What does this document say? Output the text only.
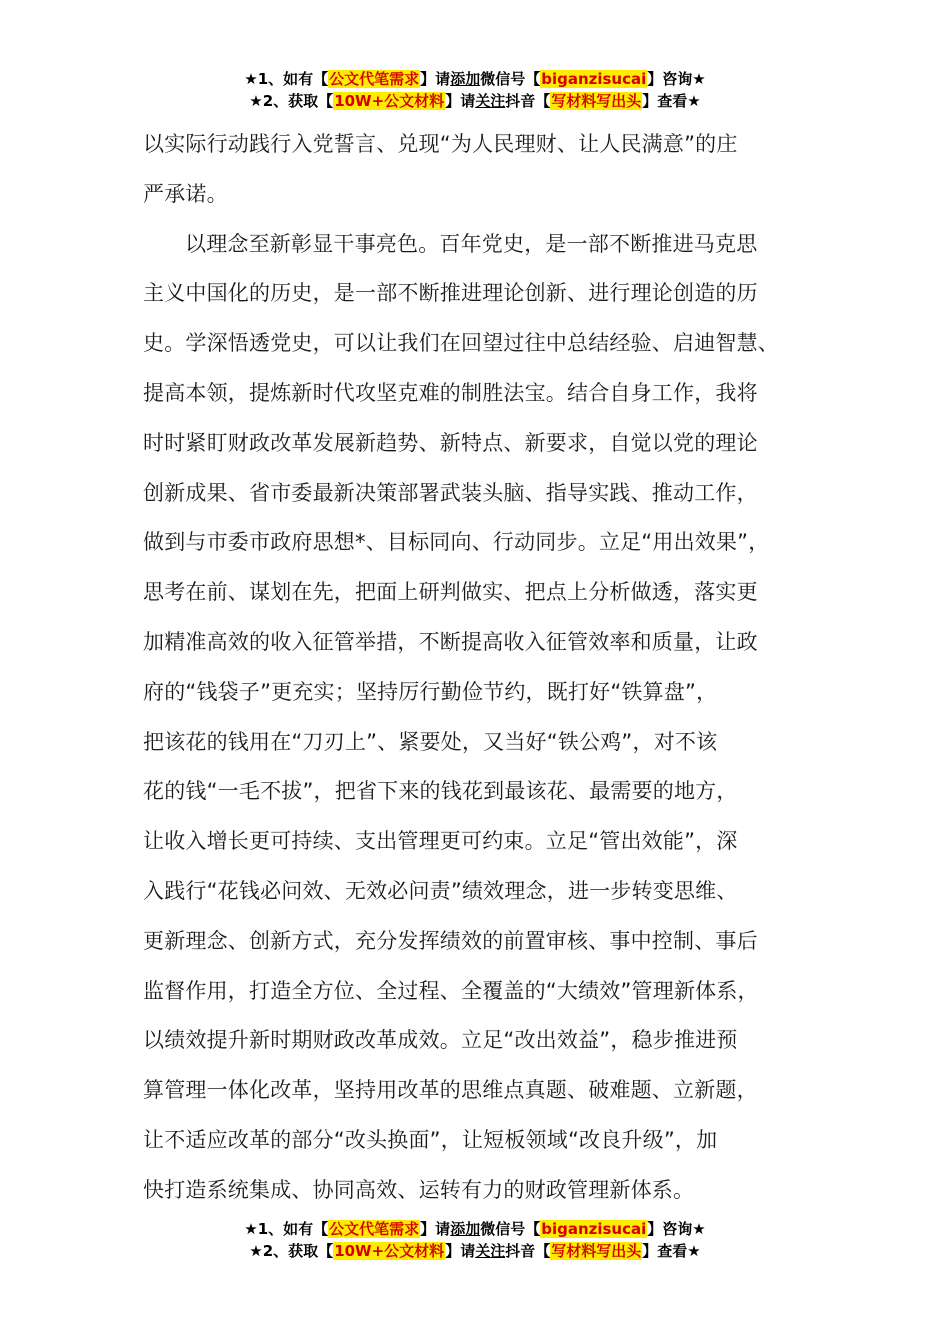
★1、如有【公文代笔需求】请添加微信号【biganzisucai】咨询★
★2、获取【10W+公文材料】请关注抖音【写材料写出头】查看★
以实际行动践行入党誓言、兑现“为人民理财、让人民满意”的庄
严承诺。
以理念至新彰显干事亮色。百年党史，是一部不断推进马克思
主义中国化的历史，是一部不断推进理论创新、进行理论创造的历
史。学深悟透党史，可以让我们在回望过往中总结经验、启迪智慧、
提高本领，提炼新时代攻坚克难的制胜法宝。结合自身工作，我将
时时紧盯财政改革发展新趋势、新特点、新要求，自觉以党的理论
创新成果、省市委最新决策部署武装头脑、指导实践、推动工作，
做到与市委市政府思想*、目标同向、行动同步。立足“用出效果”，
思考在前、谋划在先，把面上研判做实、把点上分析做透，落实更
加精准高效的收入征管举措，不断提高收入征管效率和质量，让政
府的“钱袋子”更充实；坚持厉行勤俭节约，既打好“铁算盘”，
把该花的钱用在“刀刃上”、紧要处，又当好“铁公鸡”，对不该
花的钱“一毛不拔”，把省下来的钱花到最该花、最需要的地方，
让收入增长更可持续、支出管理更可约束。立足“管出效能”，深
入践行“花钱必问效、无效必问责”绩效理念，进一步转变思维、
更新理念、创新方式，充分发挥绩效的前置审核、事中控制、事后
监督作用，打造全方位、全过程、全覆盖的“大绩效”管理新体系，
以绩效提升新时期财政改革成效。立足“改出效益”，稳步推进预
算管理一体化改革，坚持用改革的思维点真题、破难题、立新题，
让不适应改革的部分“改头换面”，让短板领域“改良升级”，加
快打造系统集成、协同高效、运转有力的财政管理新体系。
★1、如有【公文代笔需求】请添加微信号【biganzisucai】咨询★
★2、获取【10W+公文材料】请关注抖音【写材料写出头】查看★
